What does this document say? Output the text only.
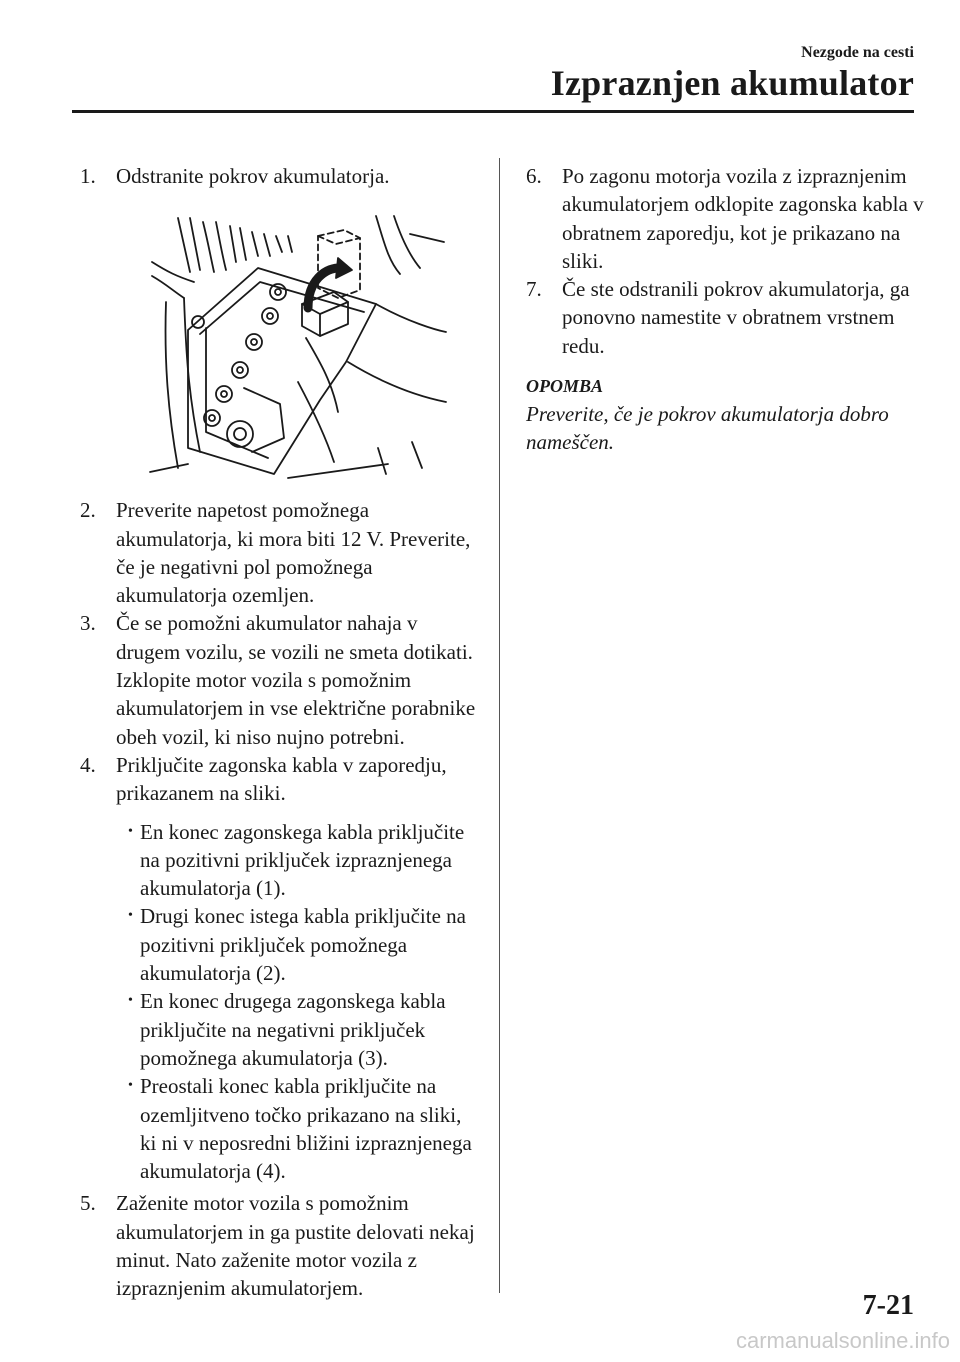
Nezgode na cesti
Izpraznjen akumulator
1. Odstranite pokrov akumulatorja.
2. Preverite napetost pomožnega akumulatorja, ki mora biti 12 V. Preverite, če je negativni pol pomožnega akumulatorja ozemljen.
3. Če se pomožni akumulator nahaja v drugem vozilu, se vozili ne smeta dotikati. Izklopite motor vozila s pomožnim akumulatorjem in vse električne porabnike obeh vozil, ki niso nujno potrebni.
4. Priključite zagonska kabla v zaporedju, prikazanem na sliki.
• En konec zagonskega kabla priključite na pozitivni priključek izpraznjenega akumulatorja (1).
• Drugi konec istega kabla priključite na pozitivni priključek pomožnega akumulatorja (2).
• En konec drugega zagonskega kabla priključite na negativni priključek pomožnega akumulatorja (3).
• Preostali konec kabla priključite na ozemljitveno točko prikazano na sliki, ki ni v neposredni bližini izpraznjenega akumulatorja (4).
5. Zaženite motor vozila s pomožnim akumulatorjem in ga pustite delovati nekaj minut. Nato zaženite motor vozila z izpraznjenim akumulatorjem.
6. Po zagonu motorja vozila z izpraznjenim akumulatorjem odklopite zagonska kabla v obratnem zaporedju, kot je prikazano na sliki.
7. Če ste odstranili pokrov akumulatorja, ga ponovno namestite v obratnem vrstnem redu.
OPOMBA
Preverite, če je pokrov akumulatorja dobro nameščen.
7-21
carmanualsonline.info
